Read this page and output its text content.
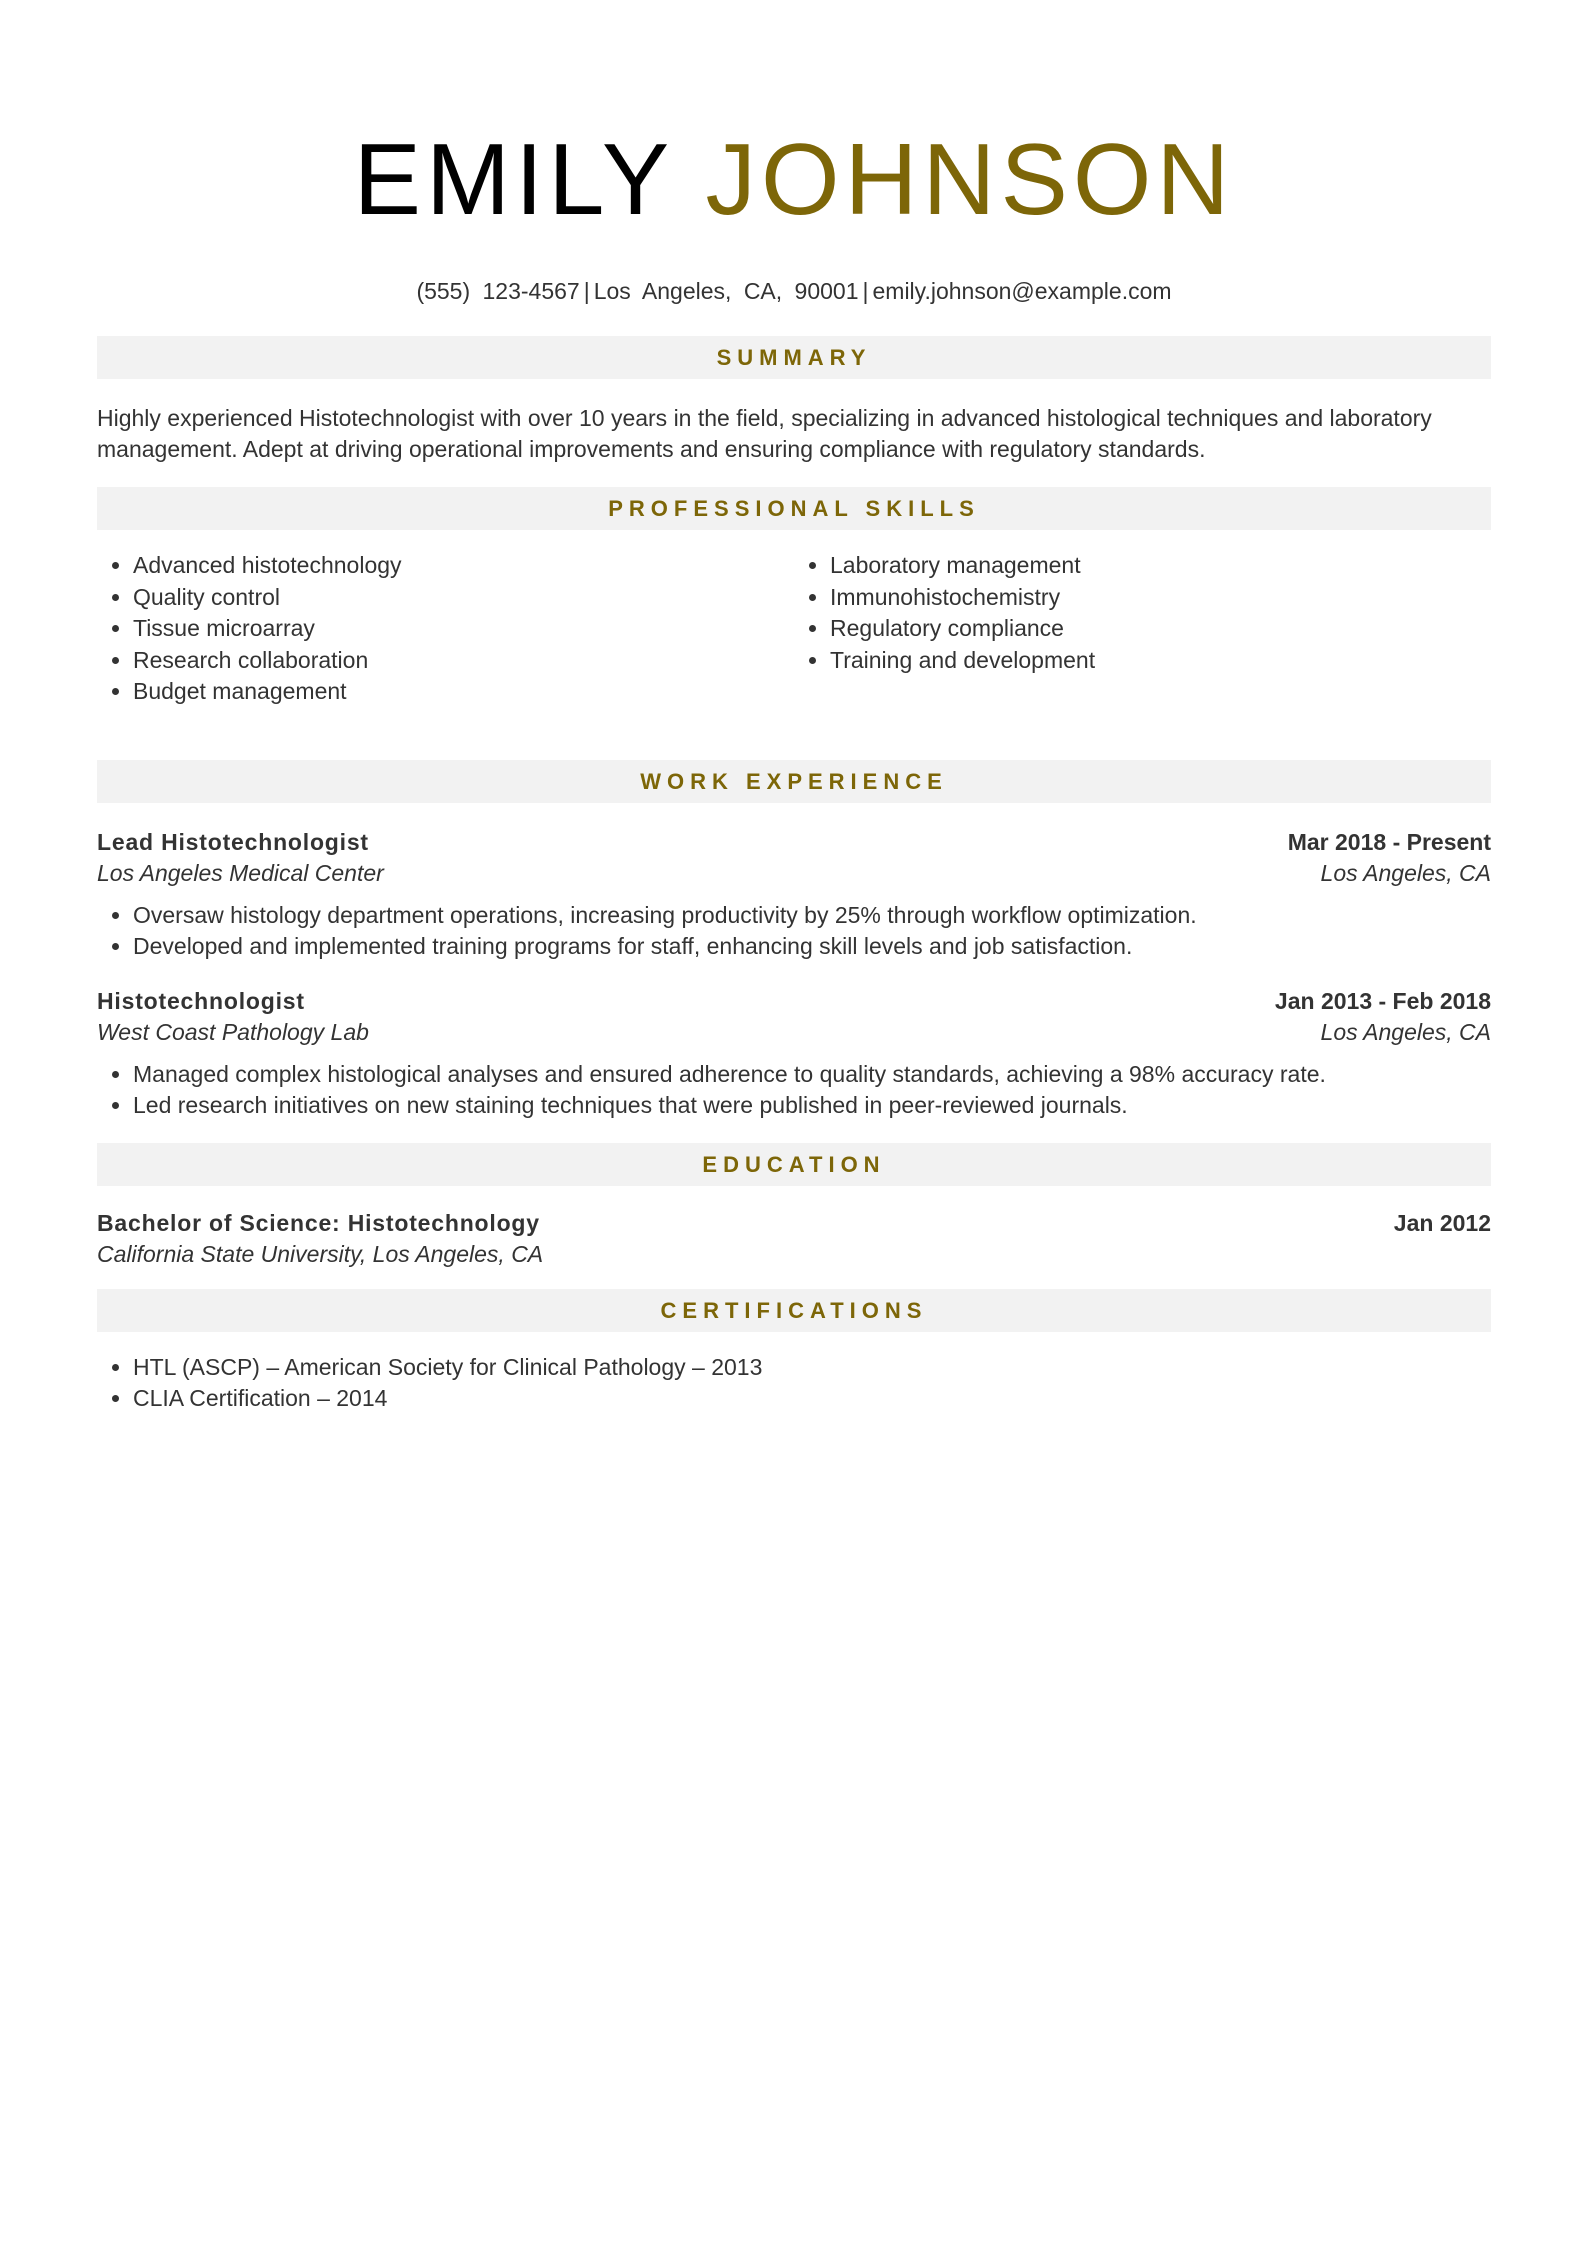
EMILY JOHNSON
(555) 123-4567 | Los Angeles, CA, 90001 | emily.johnson@example.com
SUMMARY

Highly experienced Histotechnologist with over 10 years in the field, specializing in advanced histological techniques and laboratory management. Adept at driving operational improvements and ensuring compliance with regulatory standards.

PROFESSIONAL SKILLS
• Advanced histotechnology
• Quality control
• Tissue microarray
• Research collaboration
• Budget management
• Laboratory management
• Immunohistochemistry
• Regulatory compliance
• Training and development
WORK EXPERIENCE
Lead Histotechnologist	Mar 2018 - Present
Los Angeles Medical Center	Los Angeles, CA
• Oversaw histology department operations, increasing productivity by 25% through workflow optimization.
• Developed and implemented training programs for staff, enhancing skill levels and job satisfaction.
Histotechnologist	Jan 2013 - Feb 2018
West Coast Pathology Lab	Los Angeles, CA
• Managed complex histological analyses and ensured adherence to quality standards, achieving a 98% accuracy rate.
• Led research initiatives on new staining techniques that were published in peer-reviewed journals.
EDUCATION
Bachelor of Science: Histotechnology	Jan 2012
California State University, Los Angeles, CA
CERTIFICATIONS
• HTL (ASCP) – American Society for Clinical Pathology – 2013
• CLIA Certification – 2014
